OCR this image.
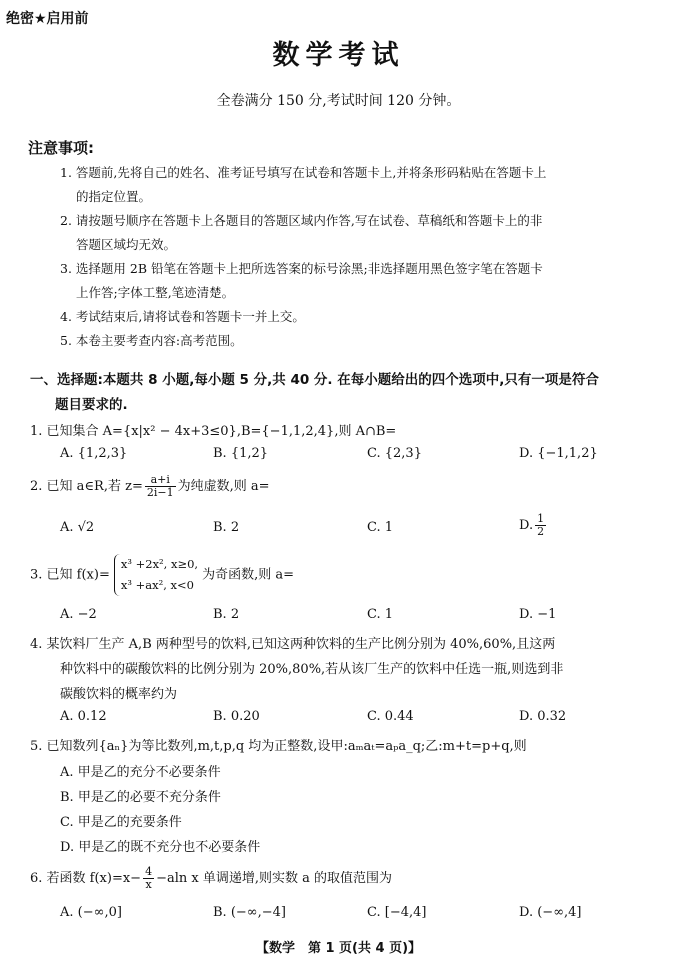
绝密★启用前
数学考试
全卷满分 150 分,考试时间 120 分钟。
注意事项:
1. 答题前,先将自己的姓名、准考证号填写在试卷和答题卡上,并将条形码粘贴在答题卡上
的指定位置。
2. 请按题号顺序在答题卡上各题目的答题区域内作答,写在试卷、草稿纸和答题卡上的非
答题区域均无效。
3. 选择题用 2B 铅笔在答题卡上把所选答案的标号涂黑;非选择题用黑色签字笔在答题卡
上作答;字体工整,笔迹清楚。
4. 考试结束后,请将试卷和答题卡一并上交。
5. 本卷主要考查内容:高考范围。
一、选择题:本题共 8 小题,每小题 5 分,共 40 分. 在每小题给出的四个选项中,只有一项是符合
题目要求的.
1. 已知集合 A={x|x² − 4x+3≤0},B={−1,1,2,4},则 A∩B=
A. {1,2,3}	B. {1,2}	C. {2,3}	D. {−1,1,2}
2. 已知 a∈R,若 $z= \frac{a+i}{2i-1}$ 为纯虚数,则 a=
A. √2	B. 2	C. 1	D. $\frac{1}{2}$
3. 已知 f(x)=
x³ +2x², x≥0,
x³ +ax², x<0
为奇函数,则 a=
A. −2	B. 2	C. 1	D. −1
4. 某饮料厂生产 A,B 两种型号的饮料,已知这两种饮料的生产比例分别为 40%,60%,且这两
种饮料中的碳酸饮料的比例分别为 20%,80%,若从该厂生产的饮料中任选一瓶,则选到非
碳酸饮料的概率约为
A. 0.12	B. 0.20	C. 0.44	D. 0.32
5. 已知数列{aₙ}为等比数列,m,t,p,q 均为正整数,设甲:aₘaₜ=aₚa_q;乙:m+t=p+q,则
A. 甲是乙的充分不必要条件
B. 甲是乙的必要不充分条件
C. 甲是乙的充要条件
D. 甲是乙的既不充分也不必要条件
6. 若函数 $f(x)=x- \frac{4}{x} -aln$ x 单调递增,则实数 a 的取值范围为
A. (−∞,0]	B. (−∞,−4]	C. [−4,4]	D. (−∞,4]
【数学　第 1 页(共 4 页)】
